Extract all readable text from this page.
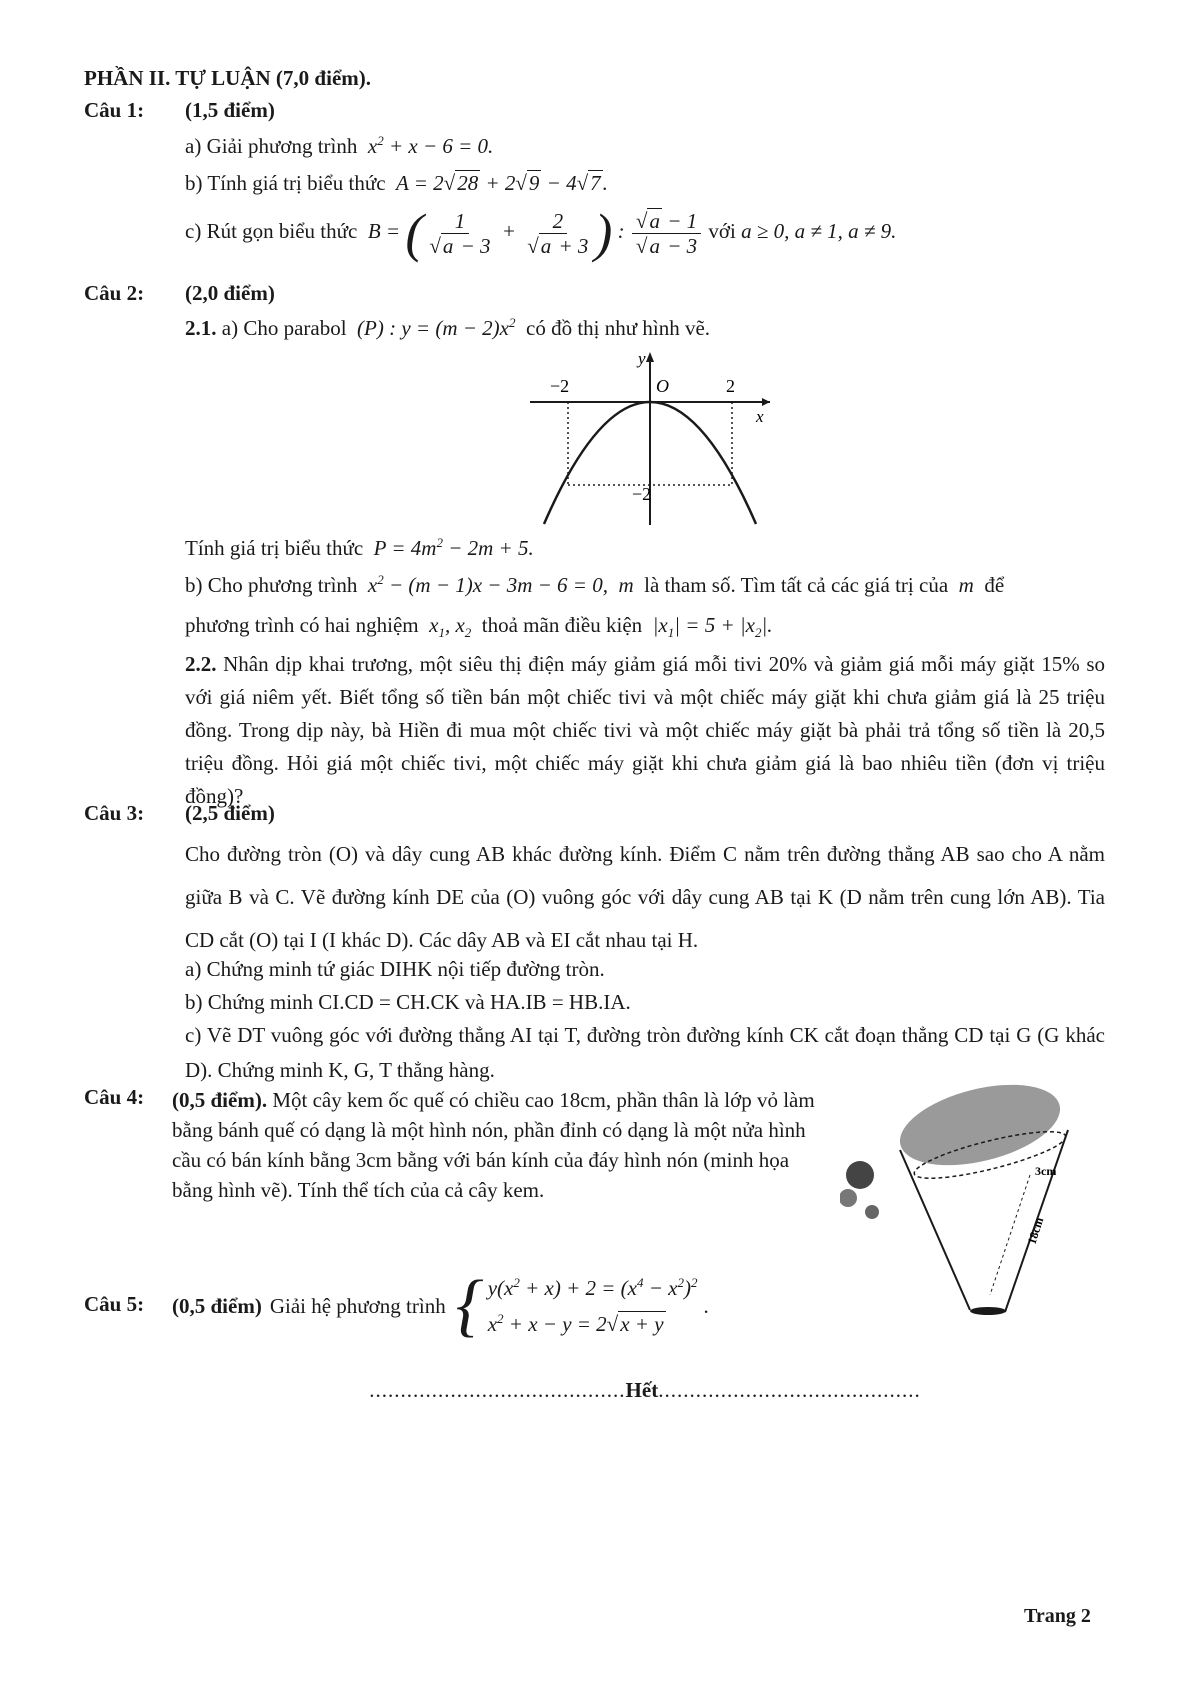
PHẦN II. TỰ LUẬN (7,0 điểm).
Câu 1: (1,5 điểm)
a) Giải phương trình  $x^2 + x - 6 = 0$.
b) Tính giá trị biểu thức  A = 2√28 + 2√9 − 4√7.
c) Rút gọn biểu thức  B = ( $\frac{1}{√a - 3} + \frac{2}{√a + 3}$ ) : $\frac{√a - 1}{√a - 3}$ với a ≥ 0, a ≠ 1, a ≠ 9.
Câu 2: (2,0 điểm)
2.1. a) Cho parabol  (P) : $y = (m - 2)x^2$ có đồ thị như hình vẽ.
y
x
O
−2	2
−2
Tính giá trị biểu thức  $P = 4m^2 - 2m + 5$.
b) Cho phương trình  $x^2 - (m - 1)x - 3m - 6 = 0$,  m  là tham số. Tìm tất cả các giá trị của  m  để
phương trình có hai nghiệm  $x_1$, $x_2$ thoả mãn điều kiện  $|x_1| = 5 + |x_2|$.
2.2. Nhân dịp khai trương, một siêu thị điện máy giảm giá mỗi tivi 20% và giảm giá mỗi máy giặt 15% so với giá niêm yết. Biết tổng số tiền bán một chiếc tivi và một chiếc máy giặt khi chưa giảm giá là 25 triệu đồng. Trong dịp này, bà Hiền đi mua một chiếc tivi và một chiếc máy giặt bà phải trả tổng số tiền là 20,5 triệu đồng. Hỏi giá một chiếc tivi, một chiếc máy giặt khi chưa giảm giá là bao nhiêu tiền (đơn vị triệu đồng)?
Câu 3: (2,5 điểm)
Cho đường tròn (O) và dây cung AB khác đường kính. Điểm C nằm trên đường thẳng AB sao cho A nằm giữa B và C. Vẽ đường kính DE của (O) vuông góc với dây cung AB tại K (D nằm trên cung lớn AB). Tia CD cắt (O) tại I (I khác D). Các dây AB và EI cắt nhau tại H.
a) Chứng minh tứ giác DIHK nội tiếp đường tròn.
b) Chứng minh CI.CD = CH.CK và HA.IB = HB.IA.
c) Vẽ DT vuông góc với đường thẳng AI tại T, đường tròn đường kính CK cắt đoạn thẳng CD tại G (G khác D). Chứng minh K, G, T thẳng hàng.
Câu 4: (0,5 điểm). Một cây kem ốc quế có chiều cao 18cm, phần thân là lớp vỏ làm bằng bánh quế có dạng là một hình nón, phần đỉnh có dạng là một nửa hình cầu có bán kính bằng 3cm bằng với bán kính của đáy hình nón (minh họa bằng hình vẽ). Tính thể tích của cả cây kem.
3cm
18cm
Câu 5: (0,5 điểm) Giải hệ phương trình { $y(x^2 + x) + 2 = (x^4 - x^2)^2$
$x^2 + x - y = 2√x + y$
.
.........................................Hết..........................................
Trang 2
